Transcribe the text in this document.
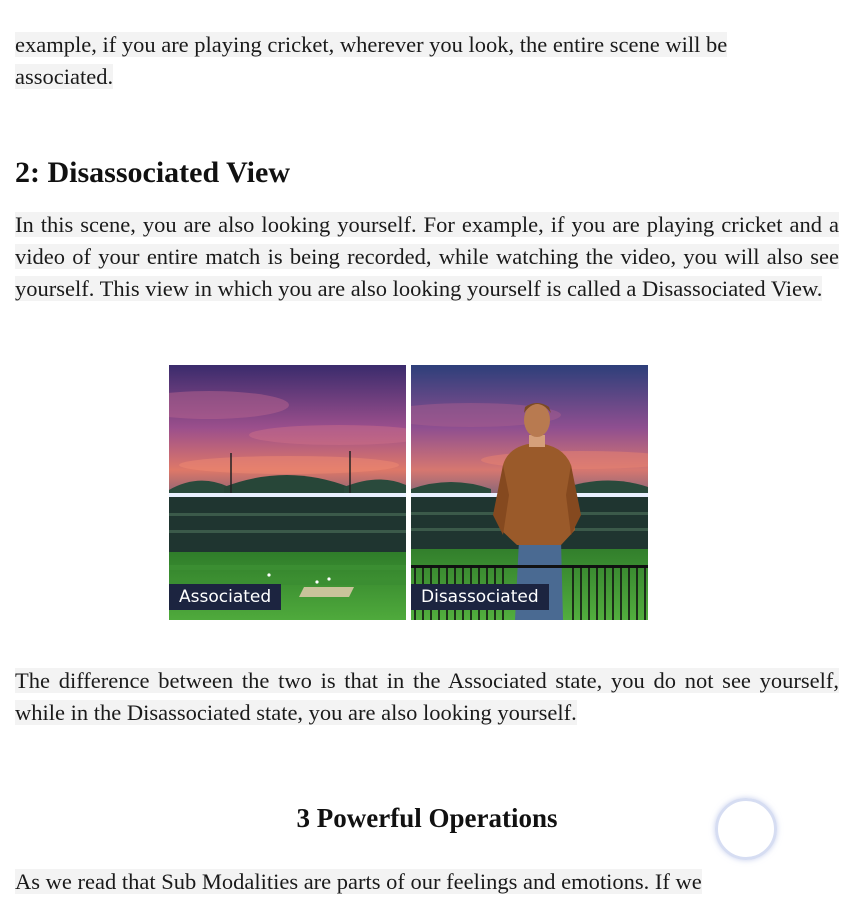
example, if you are playing cricket, wherever you look, the entire scene will be

associated.

2: Disassociated View

In this scene, you are also looking yourself. For example, if you are playing cricket and a video of your entire match is being recorded, while watching the video, you will also see yourself. This view in which you are also looking yourself is called a Disassociated View.

Associated	Disassociated

The difference between the two is that in the Associated state, you do not see yourself, while in the Disassociated state, you are also looking yourself.

3 Powerful Operations

As we read that Sub Modalities are parts of our feelings and emotions. If we
